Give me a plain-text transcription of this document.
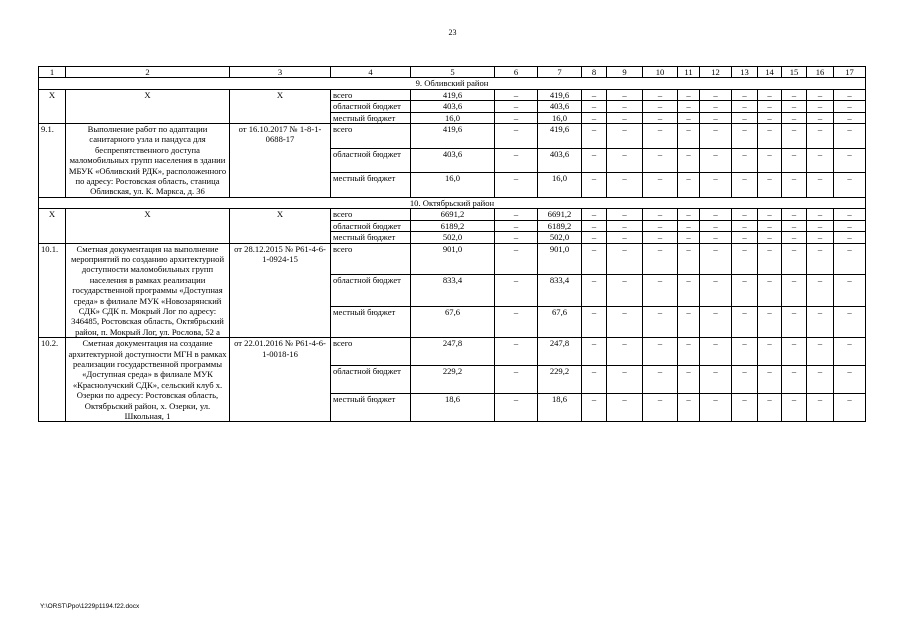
23
1	2	3	4	5	6	7	8	9	10	11	12	13	14	15	16	17
9. Обливский район																
X	X	X	всего	419,6	–	419,6	–	–	–	–	–	–	–	–	–	–
			областной бюджет	403,6	–	403,6	–	–	–	–	–	–	–	–	–	–
			местный бюджет	16,0	–	16,0	–	–	–	–	–	–	–	–	–	–
9.1.	Выполнение работ по адаптации санитарного узла и пандуса для беспрепятственного доступа маломобильных групп населения в здании МБУК «Обливский РДК», расположенного по адресу: Ростовская область, станица Обливская, ул. К. Маркса, д. 36	от 16.10.2017 № 1-8-1-0688-17	всего	419,6	–	419,6	–	–	–	–	–	–	–	–	–	–
			областной бюджет	403,6	–	403,6	–	–	–	–	–	–	–	–	–	–
			местный бюджет	16,0	–	16,0	–	–	–	–	–	–	–	–	–	–
10. Октябрьский район																
X	X	X	всего	6691,2	–	6691,2	–	–	–	–	–	–	–	–	–	–
			областной бюджет	6189,2	–	6189,2	–	–	–	–	–	–	–	–	–	–
			местный бюджет	502,0	–	502,0	–	–	–	–	–	–	–	–	–	–
10.1.	Сметная документация на выполнение мероприятий по созданию архитектурной доступности маломобильных групп населения в рамках реализации государственной программы «Доступная среда» в филиале МУК «Новозарянский СДК» СДК п. Мокрый Лог по адресу: 346485, Ростовская область, Октябрьский район, п. Мокрый Лог, ул. Рослова, 52 а	от 28.12.2015 № Р61-4-6-1-0924-15	всего	901,0	–	901,0	–	–	–	–	–	–	–	–	–	–
			областной бюджет	833,4	–	833,4	–	–	–	–	–	–	–	–	–	–
			местный бюджет	67,6	–	67,6	–	–	–	–	–	–	–	–	–	–
10.2.	Сметная документация на создание архитектурной доступности МГН в рамках реализации государственной программы «Доступная среда» в филиале МУК «Краснолучский СДК», сельский клуб х. Озерки по адресу: Ростовская область, Октябрьский район, х. Озерки, ул. Школьная, 1	от 22.01.2016 № Р61-4-6-1-0018-16	всего	247,8	–	247,8	–	–	–	–	–	–	–	–	–	–
			областной бюджет	229,2	–	229,2	–	–	–	–	–	–	–	–	–	–
			местный бюджет	18,6	–	18,6	–	–	–	–	–	–	–	–	–	–
Y:\ORST\Ppo\1229p1194.f22.docx
